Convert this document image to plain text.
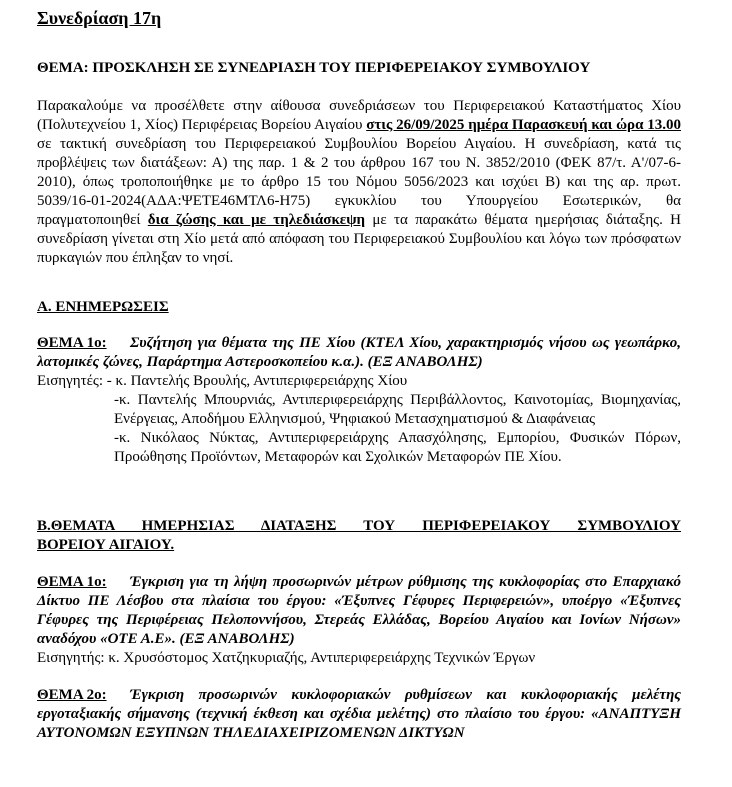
Συνεδρίαση 17η
ΘΕΜΑ: ΠΡΟΣΚΛΗΣΗ ΣΕ ΣΥΝΕΔΡΙΑΣΗ ΤΟΥ ΠΕΡΙΦΕΡΕΙΑΚΟΥ ΣΥΜΒΟΥΛΙΟΥ

Παρακαλούμε να προσέλθετε στην αίθουσα συνεδριάσεων του Περιφερειακού Καταστήματος Χίου (Πολυτεχνείου 1, Χίος) Περιφέρειας Βορείου Αιγαίου στις 26/09/2025 ημέρα Παρασκευή και ώρα 13.00 σε τακτική συνεδρίαση του Περιφερειακού Συμβουλίου Βορείου Αιγαίου. Η συνεδρίαση, κατά τις προβλέψεις των διατάξεων: Α) της παρ. 1 & 2 του άρθρου 167 του Ν. 3852/2010 (ΦΕΚ 87/τ. Α'/07-6-2010), όπως τροποποιήθηκε με το άρθρο 15 του Νόμου 5056/2023 και ισχύει Β) και της αρ. πρωτ. 5039/16-01-2024(ΑΔΑ:ΨΕΤΕ46ΜΤΛ6-Η75) εγκυκλίου του Υπουργείου Εσωτερικών, θα πραγματοποιηθεί δια ζώσης και με τηλεδιάσκεψη με τα παρακάτω θέματα ημερήσιας διάταξης. Η συνεδρίαση γίνεται στη Χίο μετά από απόφαση του Περιφερειακού Συμβουλίου και λόγω των πρόσφατων πυρκαγιών που έπληξαν το νησί.

Α. ΕΝΗΜΕΡΩΣΕΙΣ
ΘΕΜΑ 1ο: Συζήτηση για θέματα της ΠΕ Χίου (ΚΤΕΛ Χίου, χαρακτηρισμός νήσου ως γεωπάρκο, λατομικές ζώνες, Παράρτημα Αστεροσκοπείου κ.α.). (ΕΞ ΑΝΑΒΟΛΗΣ)
Εισηγητές: - κ. Παντελής Βρουλής, Αντιπεριφερειάρχης Χίου
-κ. Παντελής Μπουρνιάς, Αντιπεριφερειάρχης Περιβάλλοντος, Καινοτομίας, Βιομηχανίας, Ενέργειας, Αποδήμου Ελληνισμού, Ψηφιακού Μετασχηματισμού & Διαφάνειας
-κ. Νικόλαος Νύκτας, Αντιπεριφερειάρχης Απασχόλησης, Εμπορίου, Φυσικών Πόρων, Προώθησης Προϊόντων, Μεταφορών και Σχολικών Μεταφορών ΠΕ Χίου.
Β.ΘΕΜΑΤΑ ΗΜΕΡΗΣΙΑΣ ΔΙΑΤΑΞΗΣ ΤΟΥ ΠΕΡΙΦΕΡΕΙΑΚΟΥ ΣΥΜΒΟΥΛΙΟΥ
ΒΟΡΕΙΟΥ ΑΙΓΑΙΟΥ.
ΘΕΜΑ 1ο: Έγκριση για τη λήψη προσωρινών μέτρων ρύθμισης της κυκλοφορίας στο Επαρχιακό Δίκτυο ΠΕ Λέσβου στα πλαίσια του έργου: «Έξυπνες Γέφυρες Περιφερειών», υποέργο «Έξυπνες Γέφυρες της Περιφέρειας Πελοποννήσου, Στερεάς Ελλάδας, Βορείου Αιγαίου και Ιονίων Νήσων» αναδόχου «ΟΤΕ Α.Ε». (ΕΞ ΑΝΑΒΟΛΗΣ)
Εισηγητής: κ. Χρυσόστομος Χατζηκυριαζής, Αντιπεριφερειάρχης Τεχνικών Έργων
ΘΕΜΑ 2ο: Έγκριση προσωρινών κυκλοφοριακών ρυθμίσεων και κυκλοφοριακής μελέτης εργοταξιακής σήμανσης (τεχνική έκθεση και σχέδια μελέτης) στο πλαίσιο του έργου: «ΑΝΑΠΤΥΞΗ ΑΥΤΟΝΟΜΩΝ ΕΞΥΠΝΩΝ ΤΗΛΕΔΙΑΧΕΙΡΙΖΟΜΕΝΩΝ ΔΙΚΤΥΩΝ
